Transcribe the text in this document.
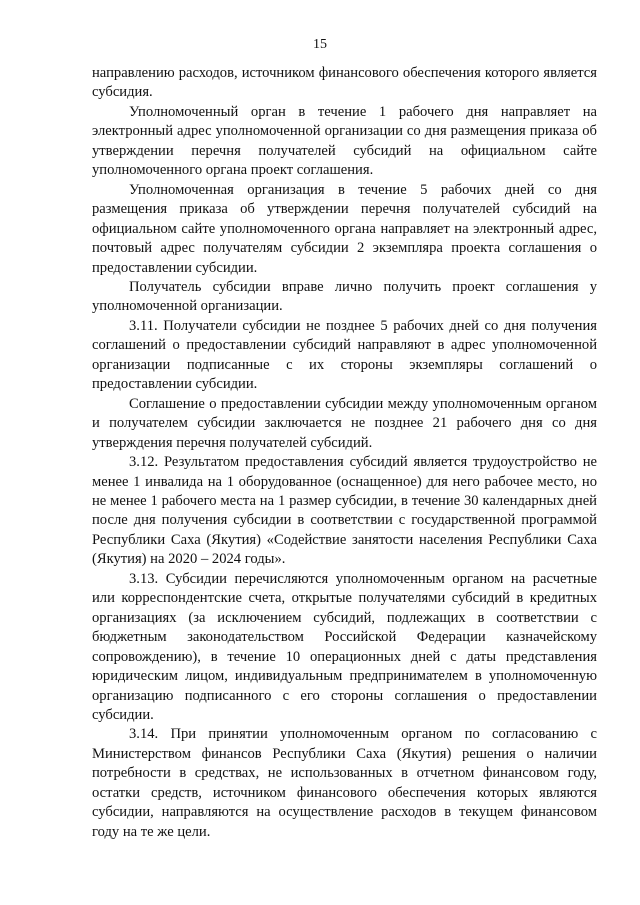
15

направлению расходов, источником финансового обеспечения которого является субсидия.

Уполномоченный орган в течение 1 рабочего дня направляет на электронный адрес уполномоченной организации со дня размещения приказа об утверждении перечня получателей субсидий на официальном сайте уполномоченного органа проект соглашения.

Уполномоченная организация в течение 5 рабочих дней со дня размещения приказа об утверждении перечня получателей субсидий на официальном сайте уполномоченного органа направляет на электронный адрес, почтовый адрес получателям субсидии 2 экземпляра проекта соглашения о предоставлении субсидии.

Получатель субсидии вправе лично получить проект соглашения у уполномоченной организации.

3.11. Получатели субсидии не позднее 5 рабочих дней со дня получения соглашений о предоставлении субсидий направляют в адрес уполномоченной организации подписанные с их стороны экземпляры соглашений о предоставлении субсидии.

Соглашение о предоставлении субсидии между уполномоченным органом и получателем субсидии заключается не позднее 21 рабочего дня со дня утверждения перечня получателей субсидий.

3.12. Результатом предоставления субсидий является трудоустройство не менее 1 инвалида на 1 оборудованное (оснащенное) для него рабочее место, но не менее 1 рабочего места на 1 размер субсидии, в течение 30 календарных дней после дня получения субсидии в соответствии с государственной программой Республики Саха (Якутия) «Содействие занятости населения Республики Саха (Якутия) на 2020 – 2024 годы».

3.13. Субсидии перечисляются уполномоченным органом на расчетные или корреспондентские счета, открытые получателями субсидий в кредитных организациях (за исключением субсидий, подлежащих в соответствии с бюджетным законодательством Российской Федерации казначейскому сопровождению), в течение 10 операционных дней с даты представления юридическим лицом, индивидуальным предпринимателем в уполномоченную организацию подписанного с его стороны соглашения о предоставлении субсидии.

3.14. При принятии уполномоченным органом по согласованию с Министерством финансов Республики Саха (Якутия) решения о наличии потребности в средствах, не использованных в отчетном финансовом году, остатки средств, источником финансового обеспечения которых являются субсидии, направляются на осуществление расходов в текущем финансовом году на те же цели.
